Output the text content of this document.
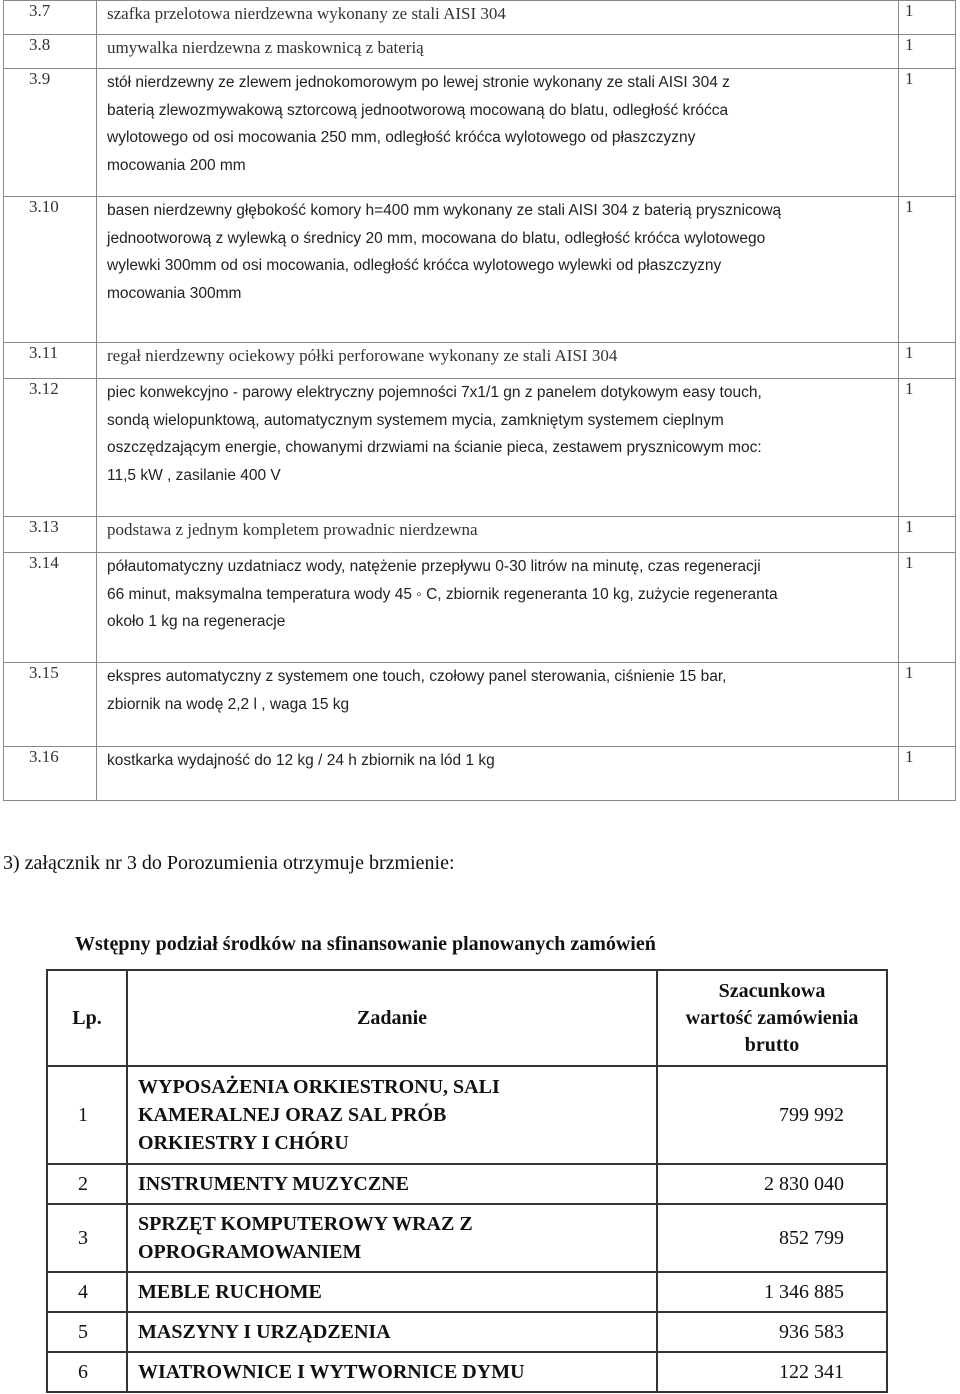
3.7	szafka przelotowa nierdzewna wykonany ze stali AISI 304	1
3.8	umywalka nierdzewna z maskownicą z baterią	1
3.9	stół nierdzewny ze zlewem jednokomorowym po lewej stronie wykonany ze stali AISI 304 z
baterią zlewozmywakową sztorcową jednootworową mocowaną do blatu, odległość króćca
wylotowego od osi mocowania 250 mm, odległość króćca wylotowego od płaszczyzny
mocowania 200 mm	1
3.10	basen nierdzewny głębokość komory h=400 mm wykonany ze stali AISI 304 z baterią prysznicową
jednootworową z wylewką o średnicy 20 mm, mocowana do blatu, odległość króćca wylotowego
wylewki 300mm od osi mocowania, odległość króćca wylotowego wylewki od płaszczyzny
mocowania 300mm	1
3.11	regał nierdzewny ociekowy półki perforowane wykonany ze stali AISI 304	1
3.12	piec konwekcyjno - parowy elektryczny pojemności 7x1/1 gn z panelem dotykowym easy touch,
sondą wielopunktową, automatycznym systemem mycia, zamkniętym systemem cieplnym
oszczędzającym energie, chowanymi drzwiami na ścianie pieca, zestawem prysznicowym moc:
11,5 kW , zasilanie 400 V	1
3.13	podstawa z jednym kompletem prowadnic nierdzewna	1
3.14	półautomatyczny uzdatniacz wody, natężenie przepływu 0-30 litrów na minutę, czas regeneracji
66 minut, maksymalna temperatura wody 45 ◦ C, zbiornik regeneranta 10 kg, zużycie regeneranta
około 1 kg na regeneracje	1
3.15	ekspres automatyczny z systemem one touch, czołowy panel sterowania, ciśnienie 15 bar,
zbiornik na wodę 2,2 l , waga 15 kg	1
3.16	kostkarka wydajność do 12 kg / 24 h zbiornik na lód 1 kg	1
3) załącznik nr 3 do Porozumienia otrzymuje brzmienie:
Wstępny podział środków na sfinansowanie planowanych zamówień
Lp.	Zadanie	Szacunkowa
wartość zamówienia
brutto

1	WYPOSAŻENIA ORKIESTRONU, SALI
KAMERALNEJ ORAZ SAL PRÓB
ORKIESTRY I CHÓRU	799 992
2	INSTRUMENTY MUZYCZNE	2 830 040
3	SPRZĘT KOMPUTEROWY WRAZ Z
OPROGRAMOWANIEM	852 799
4	MEBLE RUCHOME	1 346 885
5	MASZYNY I URZĄDZENIA	936 583
6	WIATROWNICE I WYTWORNICE DYMU	122 341
